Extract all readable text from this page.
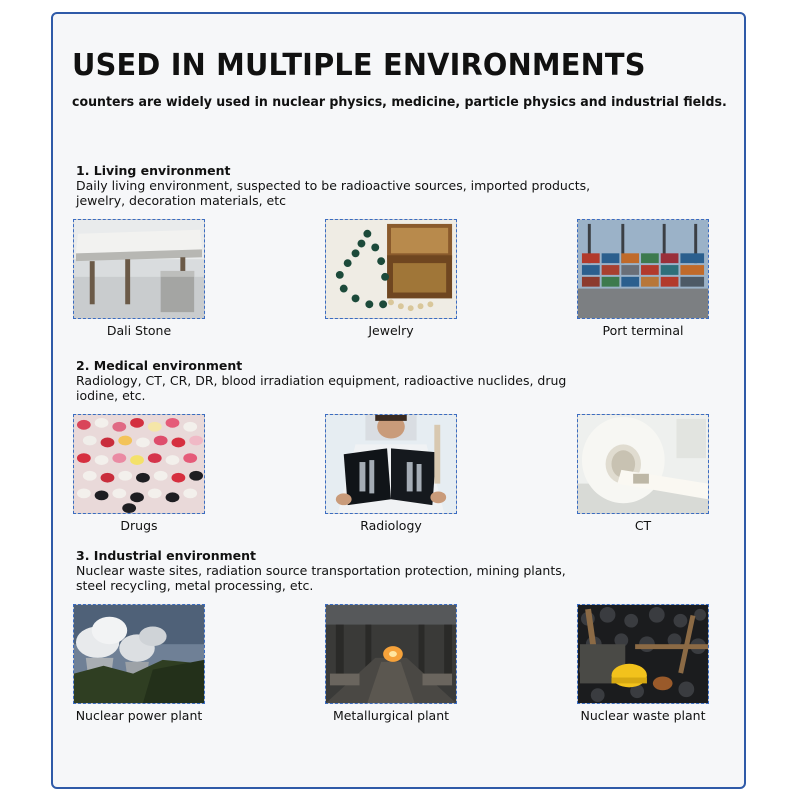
USED IN MULTIPLE ENVIRONMENTS
counters are widely used in nuclear physics, medicine, particle physics and industrial fields.
1. Living environment
Daily living environment, suspected to be radioactive sources, imported products, jewelry, decoration materials, etc
Dali Stone	Jewelry	Port terminal
2. Medical environment
Radiology, CT, CR, DR, blood irradiation equipment, radioactive nuclides, drug iodine, etc.
Drugs	Radiology	CT
3. Industrial environment
Nuclear waste sites, radiation source transportation protection, mining plants, steel recycling, metal processing, etc.
Nuclear power plant	Metallurgical plant	Nuclear waste plant
